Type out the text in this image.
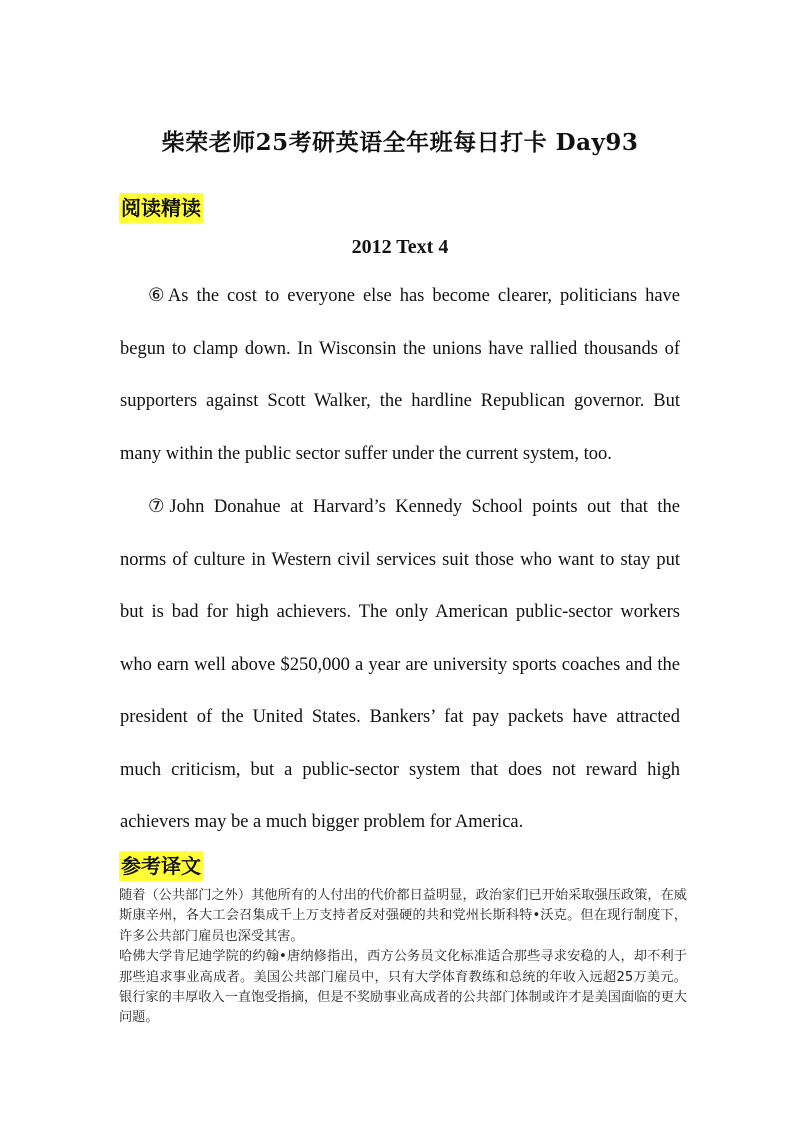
柴荣老师25考研英语全年班每日打卡 Day93
阅读精读
2012 Text 4

⑥As the cost to everyone else has become clearer, politicians have begun to clamp down. In Wisconsin the unions have rallied thousands of supporters against Scott Walker, the hardline Republican governor. But many within the public sector suffer under the current system, too.

⑦John Donahue at Harvard’s Kennedy School points out that the norms of culture in Western civil services suit those who want to stay put but is bad for high achievers. The only American public-sector workers who earn well above $250,000 a year are university sports coaches and the president of the United States. Bankers’ fat pay packets have attracted much criticism, but a public-sector system that does not reward high achievers may be a much bigger problem for America.

参考译文

随着（公共部门之外）其他所有的人付出的代价都日益明显，政治家们已开始采取强压政策，在威斯康辛州，各大工会召集成千上万支持者反对强硬的共和党州长斯科特•沃克。但在现行制度下，许多公共部门雇员也深受其害。

哈佛大学肯尼迪学院的约翰•唐纳修指出，西方公务员文化标准适合那些寻求安稳的人，却不利于那些追求事业高成者。美国公共部门雇员中，只有大学体育教练和总统的年收入远超25万美元。银行家的丰厚收入一直饱受指摘，但是不奖励事业高成者的公共部门体制或许才是美国面临的更大问题。
